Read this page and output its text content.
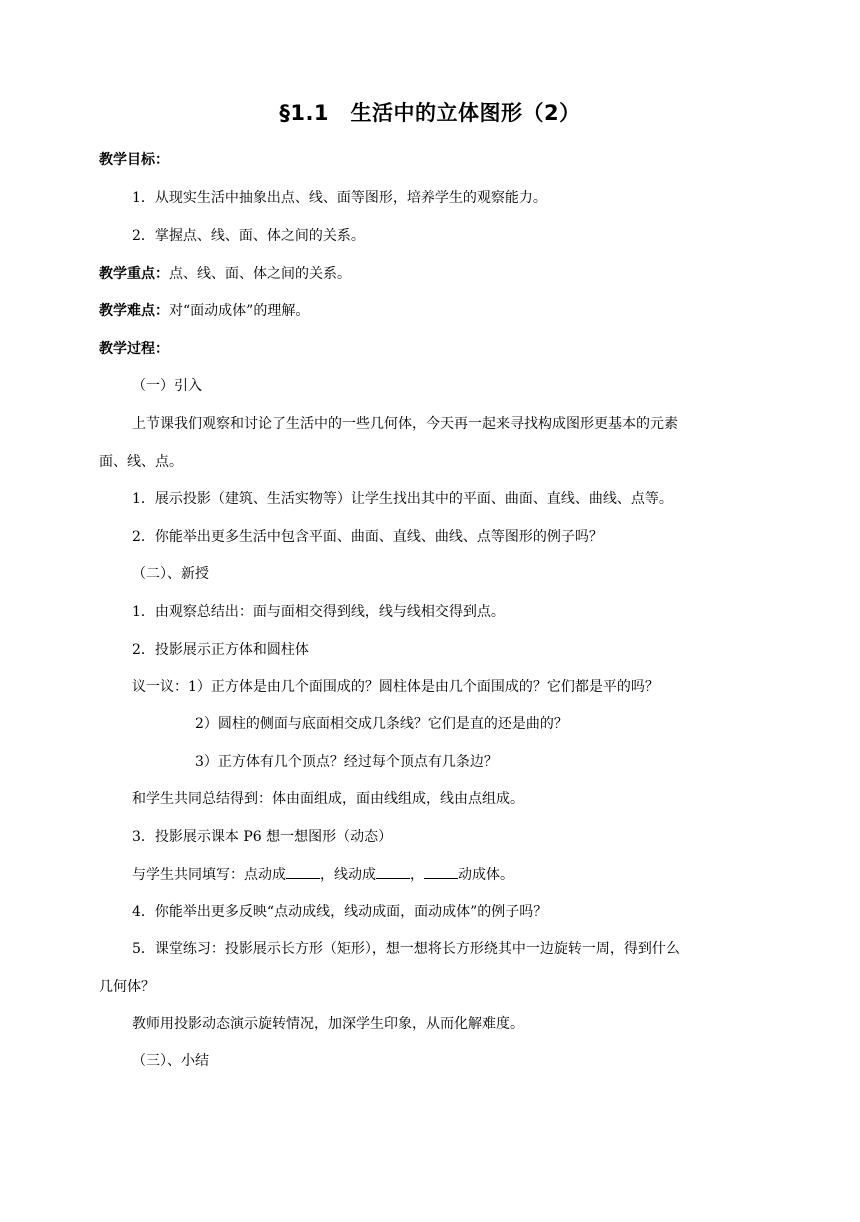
§1.1　生活中的立体图形（2）
教学目标：
1．从现实生活中抽象出点、线、面等图形，培养学生的观察能力。
2．掌握点、线、面、体之间的关系。
教学重点：点、线、面、体之间的关系。
教学难点：对“面动成体”的理解。
教学过程：
（一）引入
上节课我们观察和讨论了生活中的一些几何体，今天再一起来寻找构成图形更基本的元素
面、线、点。
1．展示投影（建筑、生活实物等）让学生找出其中的平面、曲面、直线、曲线、点等。
2．你能举出更多生活中包含平面、曲面、直线、曲线、点等图形的例子吗？
（二）、新授
1．由观察总结出：面与面相交得到线，线与线相交得到点。
2．投影展示正方体和圆柱体
议一议：1）正方体是由几个面围成的？圆柱体是由几个面围成的？它们都是平的吗？
2）圆柱的侧面与底面相交成几条线？它们是直的还是曲的？
3）正方体有几个顶点？经过每个顶点有几条边？
和学生共同总结得到：体由面组成，面由线组成，线由点组成。
3．投影展示课本 P6 想一想图形（动态）
与学生共同填写：点动成 ，线动成 ， 动成体。
4．你能举出更多反映“点动成线，线动成面，面动成体”的例子吗？
5．课堂练习：投影展示长方形（矩形），想一想将长方形绕其中一边旋转一周，得到什么
几何体？
教师用投影动态演示旋转情况，加深学生印象，从而化解难度。
（三）、小结
